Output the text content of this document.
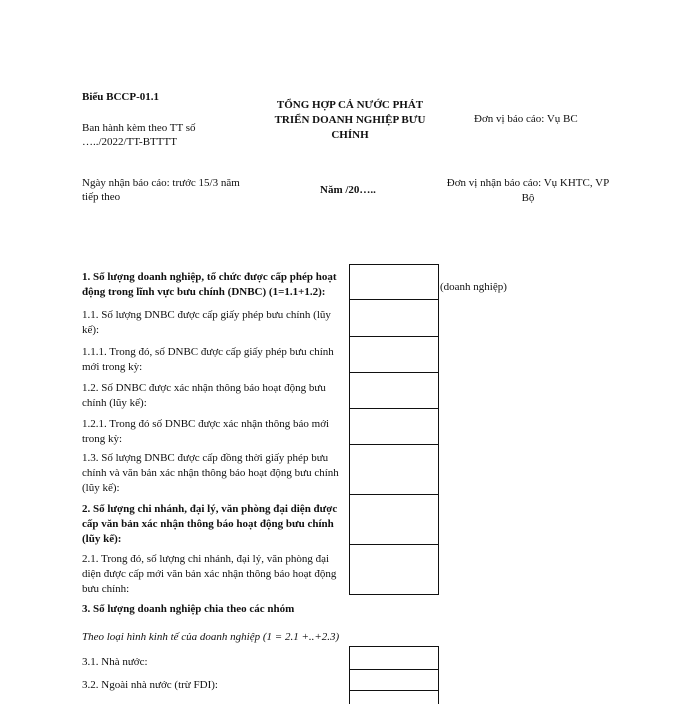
Biểu BCCP-01.1
Ban hành kèm theo TT số
…../2022/TT-BTTTT
TỔNG HỢP CẢ NƯỚC PHÁT
TRIỂN DOANH NGHIỆP BƯU
CHÍNH
Đơn vị báo cáo: Vụ BC
Ngày nhận báo cáo: trước 15/3 năm
tiếp theo
Năm /20…..
Đơn vị nhận báo cáo: Vụ KHTC, VP
Bộ
1. Số lượng doanh nghiệp, tổ chức được cấp phép hoạt
động trong lĩnh vực bưu chính (DNBC) (1=1.1+1.2):	(doanh nghiệp)
1.1. Số lượng DNBC được cấp giấy phép bưu chính (lũy
kế):
1.1.1. Trong đó, số DNBC được cấp giấy phép bưu chính
mới trong kỳ:
1.2. Số DNBC được xác nhận thông báo hoạt động bưu
chính (lũy kế):
1.2.1. Trong đó số DNBC được xác nhận thông báo mới
trong kỳ:
1.3. Số lượng DNBC được cấp đồng thời giấy phép bưu
chính và văn bản xác nhận thông báo hoạt động bưu chính
(lũy kế):
2. Số lượng chi nhánh, đại lý, văn phòng đại diện được
cấp văn bản xác nhận thông báo hoạt động bưu chính
(lũy kế):
2.1. Trong đó, số lượng chi nhánh, đại lý, văn phòng đại
diện được cấp mới văn bản xác nhận thông báo hoạt động
bưu chính:
3. Số lượng doanh nghiệp chia theo các nhóm
Theo loại hình kinh tế của doanh nghiệp (1 = 2.1 +..+2.3)
3.1. Nhà nước:
3.2. Ngoài nhà nước (trừ FDI):
